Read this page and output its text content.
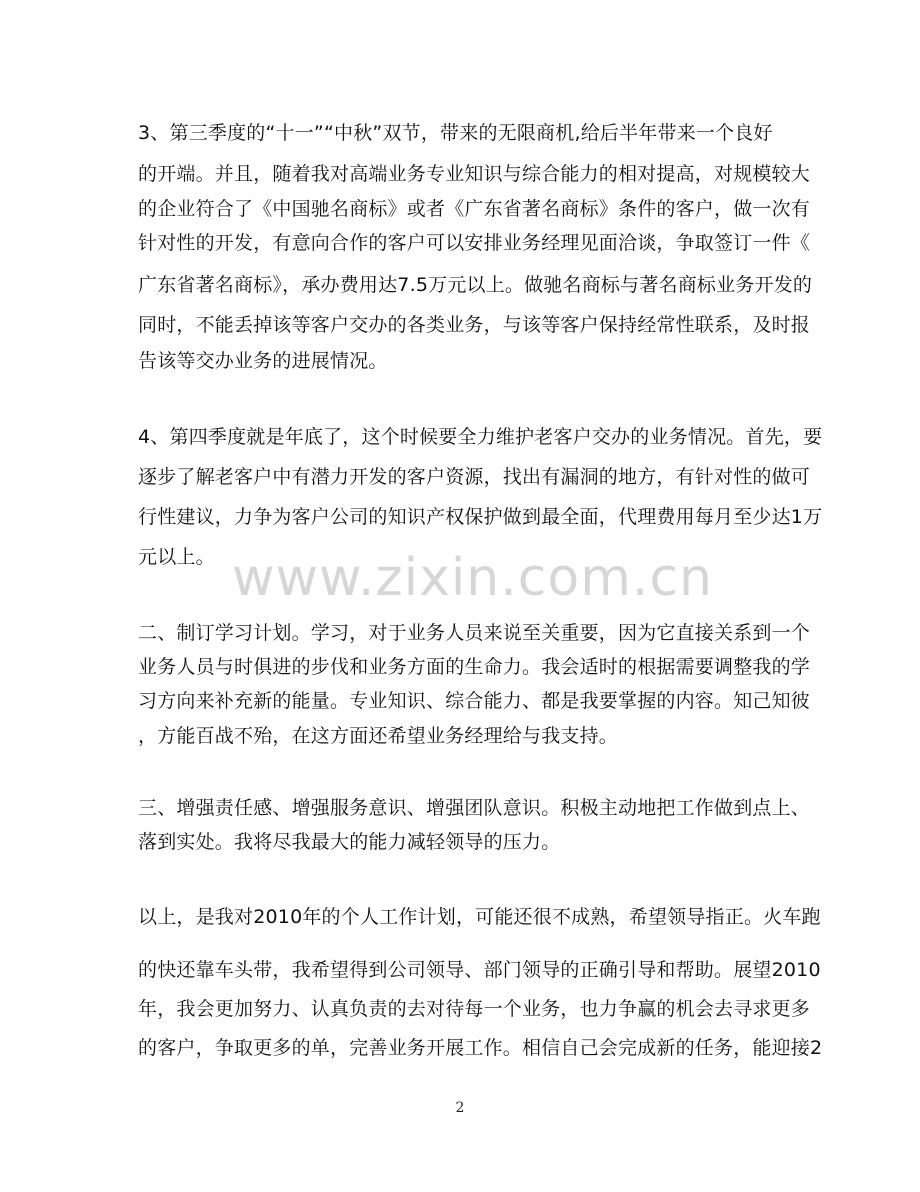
3、第三季度的“十一”“中秋”双节，带来的无限商机,给后半年带来一个良好
的开端。并且，随着我对高端业务专业知识与综合能力的相对提高，对规模较大
的企业符合了《中国驰名商标》或者《广东省著名商标》条件的客户，做一次有
针对性的开发，有意向合作的客户可以安排业务经理见面洽谈，争取签订一件《
广东省著名商标》，承办费用达7.5万元以上。做驰名商标与著名商标业务开发的
同时，不能丢掉该等客户交办的各类业务，与该等客户保持经常性联系，及时报
告该等交办业务的进展情况。
4、第四季度就是年底了，这个时候要全力维护老客户交办的业务情况。首先，要
逐步了解老客户中有潜力开发的客户资源，找出有漏洞的地方，有针对性的做可
行性建议，力争为客户公司的知识产权保护做到最全面，代理费用每月至少达1万
元以上。
二、制订学习计划。学习，对于业务人员来说至关重要，因为它直接关系到一个
业务人员与时俱进的步伐和业务方面的生命力。我会适时的根据需要调整我的学
习方向来补充新的能量。专业知识、综合能力、都是我要掌握的内容。知己知彼
，方能百战不殆，在这方面还希望业务经理给与我支持。
三、增强责任感、增强服务意识、增强团队意识。积极主动地把工作做到点上、
落到实处。我将尽我最大的能力减轻领导的压力。
以上，是我对2010年的个人工作计划，可能还很不成熟，希望领导指正。火车跑
的快还靠车头带，我希望得到公司领导、部门领导的正确引导和帮助。展望2010
年，我会更加努力、认真负责的去对待每一个业务，也力争赢的机会去寻求更多
的客户，争取更多的单，完善业务开展工作。相信自己会完成新的任务，能迎接2
www.zixin.com.cn
2
